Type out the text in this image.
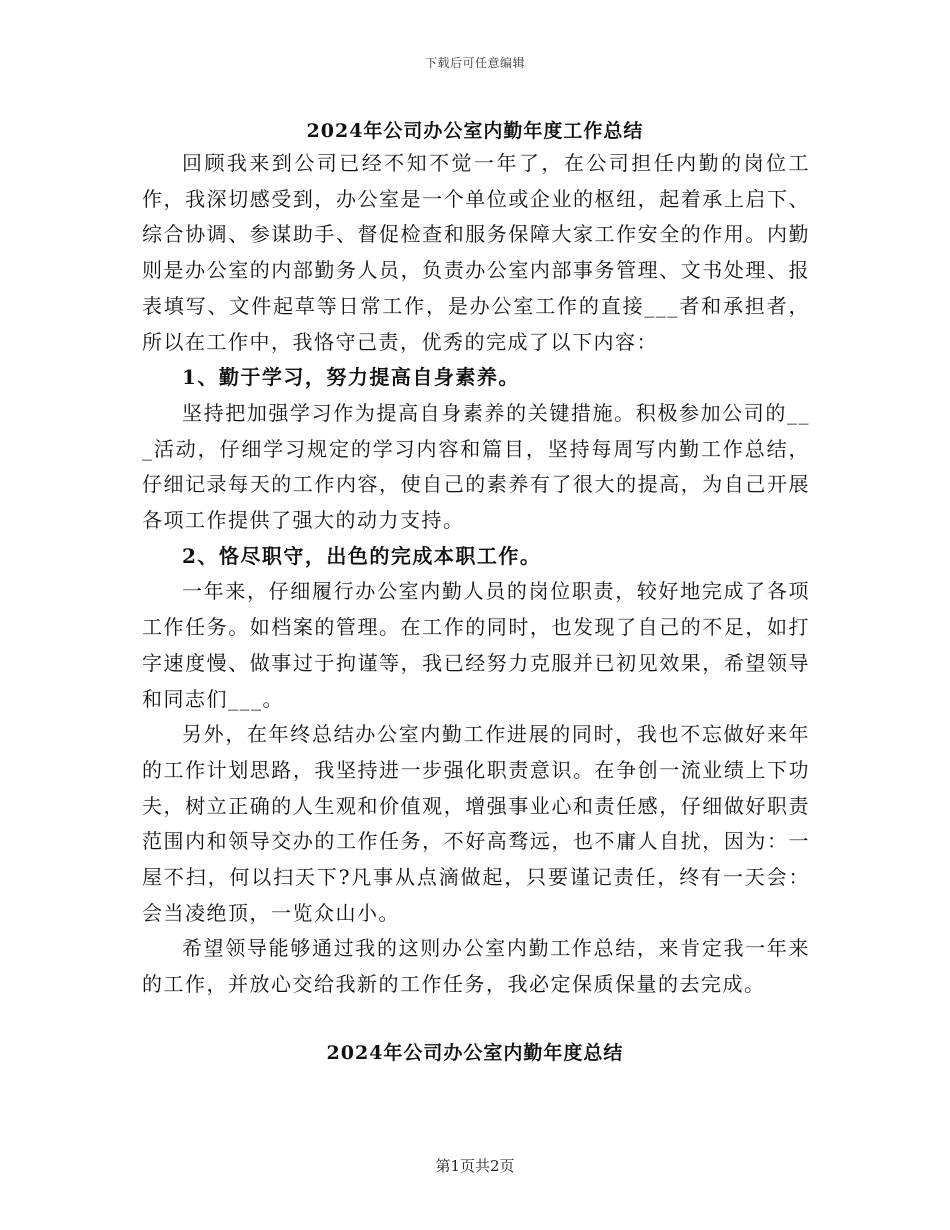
下载后可任意编辑
2024年公司办公室内勤年度工作总结

回顾我来到公司已经不知不觉一年了，在公司担任内勤的岗位工作，我深切感受到，办公室是一个单位或企业的枢纽，起着承上启下、综合协调、参谋助手、督促检查和服务保障大家工作安全的作用。内勤则是办公室的内部勤务人员，负责办公室内部事务管理、文书处理、报表填写、文件起草等日常工作，是办公室工作的直接___者和承担者，所以在工作中，我恪守己责，优秀的完成了以下内容：

1、勤于学习，努力提高自身素养。

坚持把加强学习作为提高自身素养的关键措施。积极参加公司的___活动，仔细学习规定的学习内容和篇目，坚持每周写内勤工作总结，仔细记录每天的工作内容，使自己的素养有了很大的提高，为自己开展各项工作提供了强大的动力支持。

2、恪尽职守，出色的完成本职工作。

一年来，仔细履行办公室内勤人员的岗位职责，较好地完成了各项工作任务。如档案的管理。在工作的同时，也发现了自己的不足，如打字速度慢、做事过于拘谨等，我已经努力克服并已初见效果，希望领导和同志们___。

另外，在年终总结办公室内勤工作进展的同时，我也不忘做好来年的工作计划思路，我坚持进一步强化职责意识。在争创一流业绩上下功夫，树立正确的人生观和价值观，增强事业心和责任感，仔细做好职责范围内和领导交办的工作任务，不好高骛远，也不庸人自扰，因为：一屋不扫，何以扫天下?凡事从点滴做起，只要谨记责任，终有一天会：会当凌绝顶，一览众山小。

希望领导能够通过我的这则办公室内勤工作总结，来肯定我一年来的工作，并放心交给我新的工作任务，我必定保质保量的去完成。

2024年公司办公室内勤年度总结
第1页共2页
